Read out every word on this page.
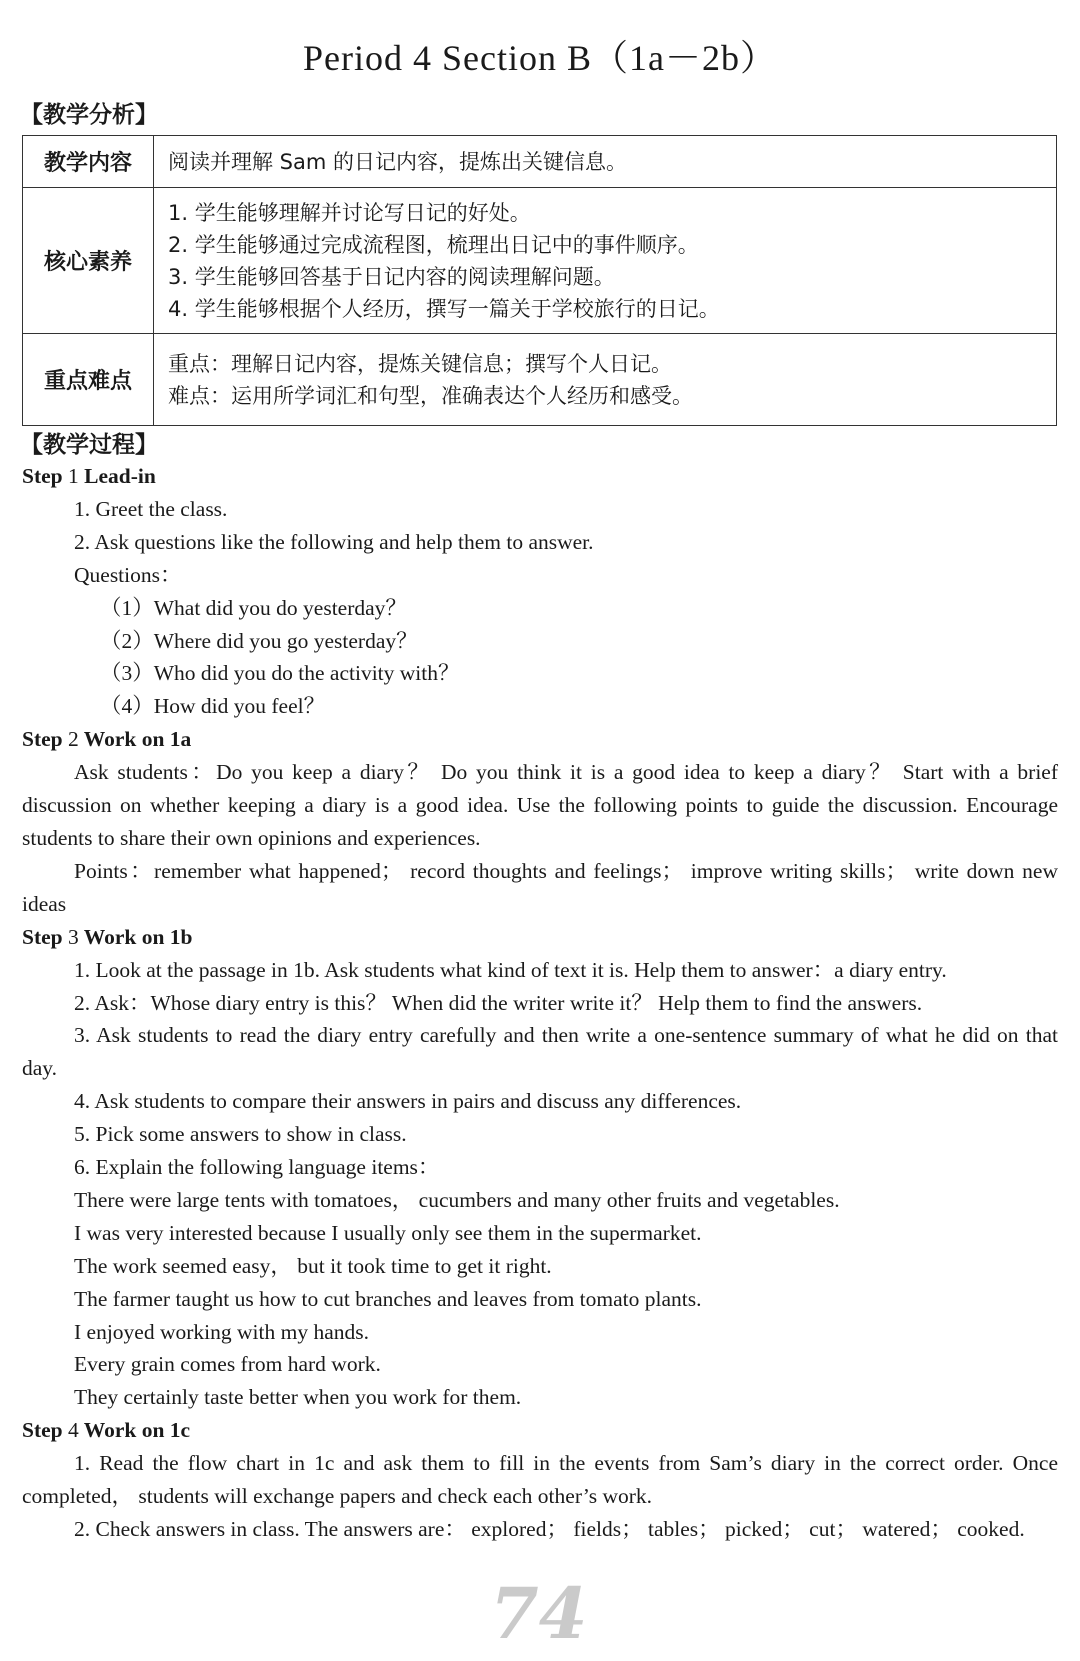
Period 4 Section B（1a－2b）
【教学分析】
教学内容	阅读并理解 Sam 的日记内容，提炼出关键信息。
核心素养	1. 学生能够理解并讨论写日记的好处。
2. 学生能够通过完成流程图，梳理出日记中的事件顺序。
3. 学生能够回答基于日记内容的阅读理解问题。
4. 学生能够根据个人经历，撰写一篇关于学校旅行的日记。

重点难点	重点：理解日记内容，提炼关键信息；撰写个人日记。
难点：运用所学词汇和句型，准确表达个人经历和感受。
【教学过程】

Step 1 Lead-in

1. Greet the class.

2. Ask questions like the following and help them to answer.

Questions：

（1）What did you do yesterday？

（2）Where did you go yesterday？

（3）Who did you do the activity with？

（4）How did you feel？

Step 2 Work on 1a

Ask students：Do you keep a diary？ Do you think it is a good idea to keep a diary？ Start with a brief discussion on whether keeping a diary is a good idea. Use the following points to guide the discussion. Encourage students to share their own opinions and experiences.

Points：remember what happened； record thoughts and feelings； improve writing skills； write down new ideas

Step 3 Work on 1b

1. Look at the passage in 1b. Ask students what kind of text it is. Help them to answer：a diary entry.

2. Ask：Whose diary entry is this？ When did the writer write it？ Help them to find the answers.

3. Ask students to read the diary entry carefully and then write a one-sentence summary of what he did on that day.

4. Ask students to compare their answers in pairs and discuss any differences.

5. Pick some answers to show in class.

6. Explain the following language items：

There were large tents with tomatoes， cucumbers and many other fruits and vegetables.

I was very interested because I usually only see them in the supermarket.

The work seemed easy， but it took time to get it right.

The farmer taught us how to cut branches and leaves from tomato plants.

I enjoyed working with my hands.

Every grain comes from hard work.

They certainly taste better when you work for them.

Step 4 Work on 1c

1. Read the flow chart in 1c and ask them to fill in the events from Sam’s diary in the correct order. Once completed， students will exchange papers and check each other’s work.

2. Check answers in class. The answers are： explored； fields； tables； picked； cut； watered； cooked.

74
